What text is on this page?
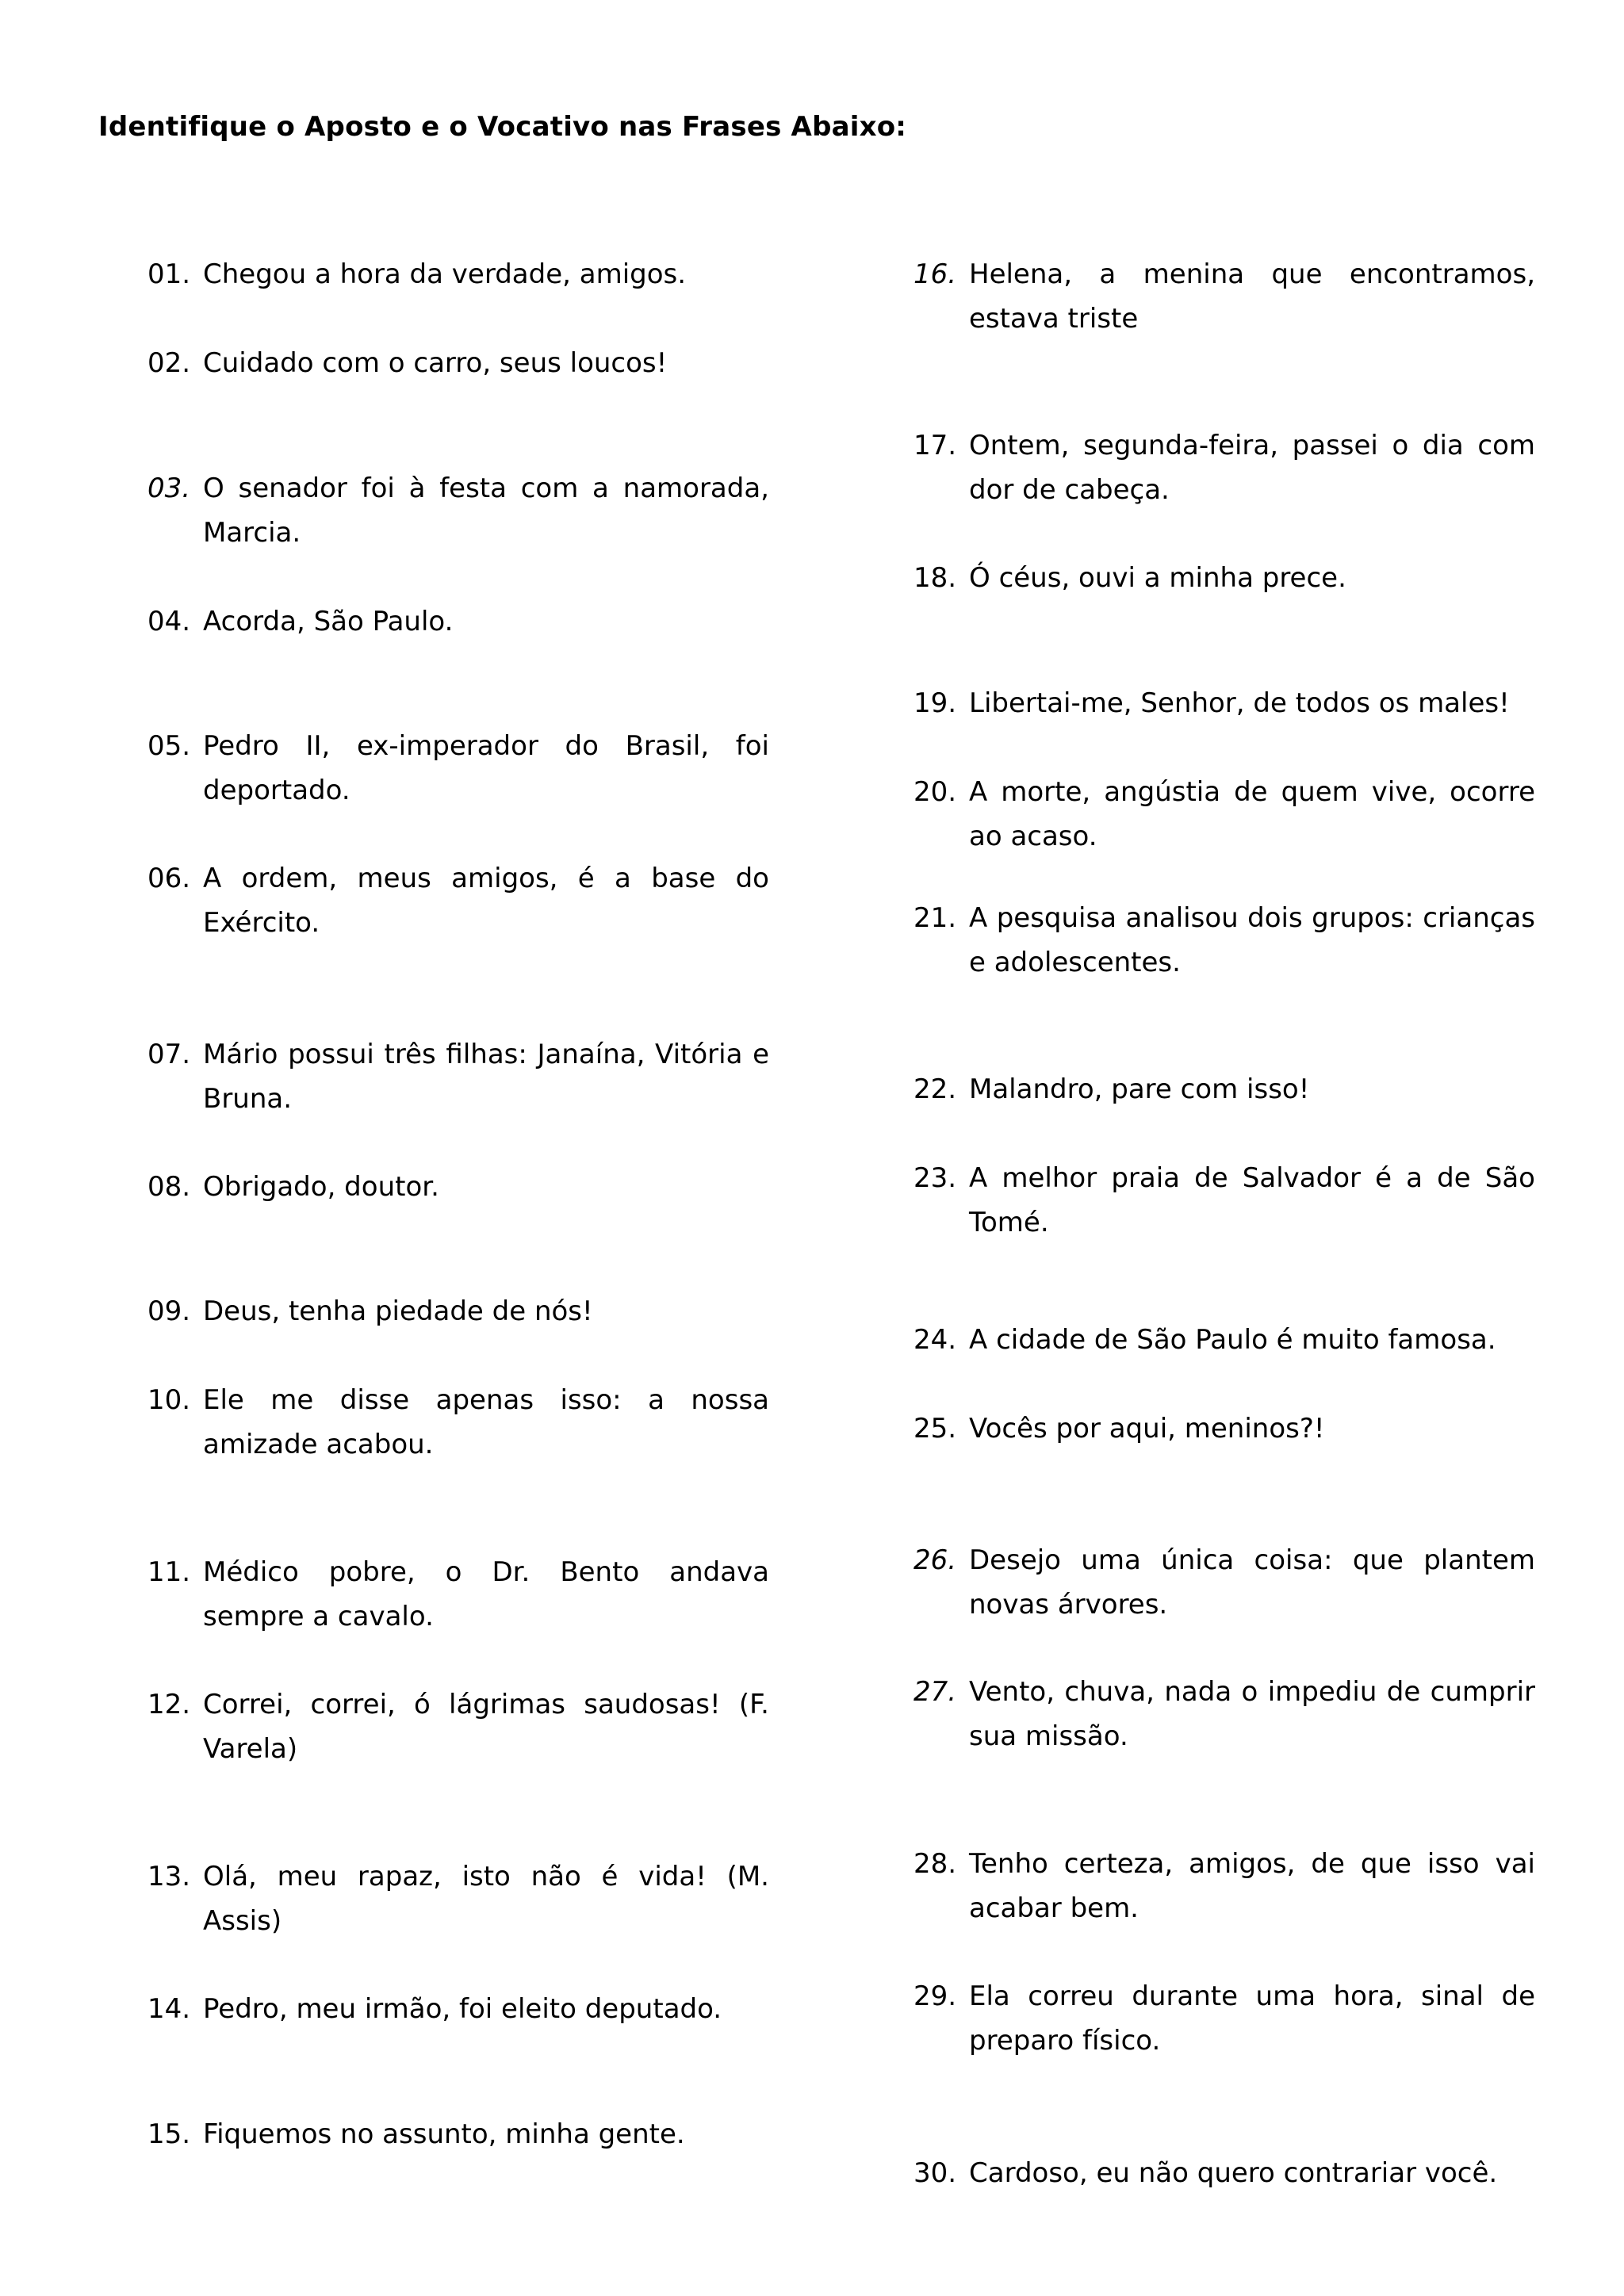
Identifique o Aposto e o Vocativo nas Frases Abaixo:
01. Chegou a hora da verdade, amigos.
02. Cuidado com o carro, seus loucos!
03. O senador foi à festa com a namorada, Marcia.
04. Acorda, São Paulo.
05. Pedro II, ex-imperador do Brasil, foi deportado.
06. A ordem, meus amigos, é a base do Exército.
07. Mário possui três filhas: Janaína, Vitória e Bruna.
08. Obrigado, doutor.
09. Deus, tenha piedade de nós!
10. Ele me disse apenas isso: a nossa amizade acabou.
11. Médico pobre, o Dr. Bento andava sempre a cavalo.
12. Correi, correi, ó lágrimas saudosas! (F. Varela)
13. Olá, meu rapaz, isto não é vida! (M. Assis)
14. Pedro, meu irmão, foi eleito deputado.
15. Fiquemos no assunto, minha gente.
16. Helena, a menina que encontramos, estava triste
17. Ontem, segunda-feira, passei o dia com dor de cabeça.
18. Ó céus, ouvi a minha prece.
19. Libertai-me, Senhor, de todos os males!
20. A morte, angústia de quem vive, ocorre ao acaso.
21. A pesquisa analisou dois grupos: crianças e adolescentes.
22. Malandro, pare com isso!
23. A melhor praia de Salvador é a de São Tomé.
24. A cidade de São Paulo é muito famosa.
25. Vocês por aqui, meninos?!
26. Desejo uma única coisa: que plantem novas árvores.
27. Vento, chuva, nada o impediu de cumprir sua missão.
28. Tenho certeza, amigos, de que isso vai acabar bem.
29. Ela correu durante uma hora, sinal de preparo físico.
30. Cardoso, eu não quero contrariar você.
